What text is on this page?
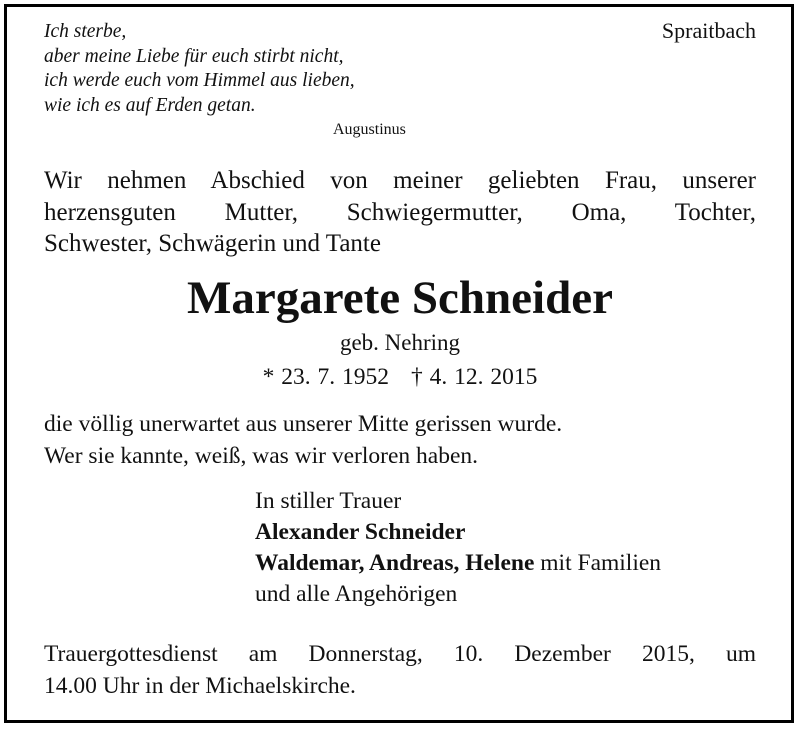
Ich sterbe,
aber meine Liebe für euch stirbt nicht,
ich werde euch vom Himmel aus lieben,
wie ich es auf Erden getan.
Augustinus
Spraitbach
Wir nehmen Abschied von meiner geliebten Frau, unserer
herzensguten Mutter, Schwiegermutter, Oma, Tochter,
Schwester, Schwägerin und Tante
Margarete Schneider
geb. Nehring
* 23. 7. 1952 † 4. 12. 2015
die völlig unerwartet aus unserer Mitte gerissen wurde.
Wer sie kannte, weiß, was wir verloren haben.
In stiller Trauer
Alexander Schneider
Waldemar, Andreas, Helene mit Familien
und alle Angehörigen
Trauergottesdienst am Donnerstag, 10. Dezember 2015, um
14.00 Uhr in der Michaelskirche.
